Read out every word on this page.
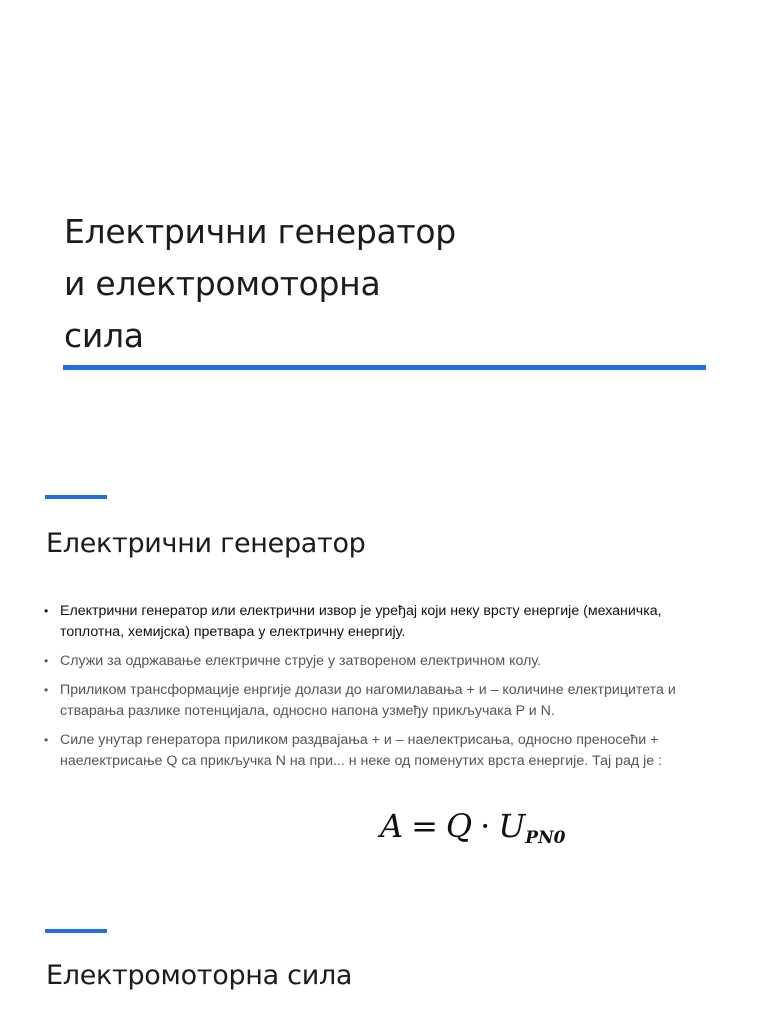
Електрични генератор
и електромоторна
сила
Електрични генератор
• Електрични генератор или електрични извор је уређај који неку врсту енергије (механичка, топлотна, хемијска) претвара у електричну енергију.
• Служи за одржавање електричне струје у затвореном електричном колу.
• Приликом трансформације енргије долази до нагомилавања + и – количине електрицитета и стварања разлике потенцијала, односно напона узмеђу прикључака P и N.
• Силе унутар генератора приликом раздвајања + и – наелектрисања, односно преносећи + наелектрисање Q са прикључка N на при... н неке од поменутих врста енергије. Тај рад је :
A = Q · UPN0
Електромоторна сила
